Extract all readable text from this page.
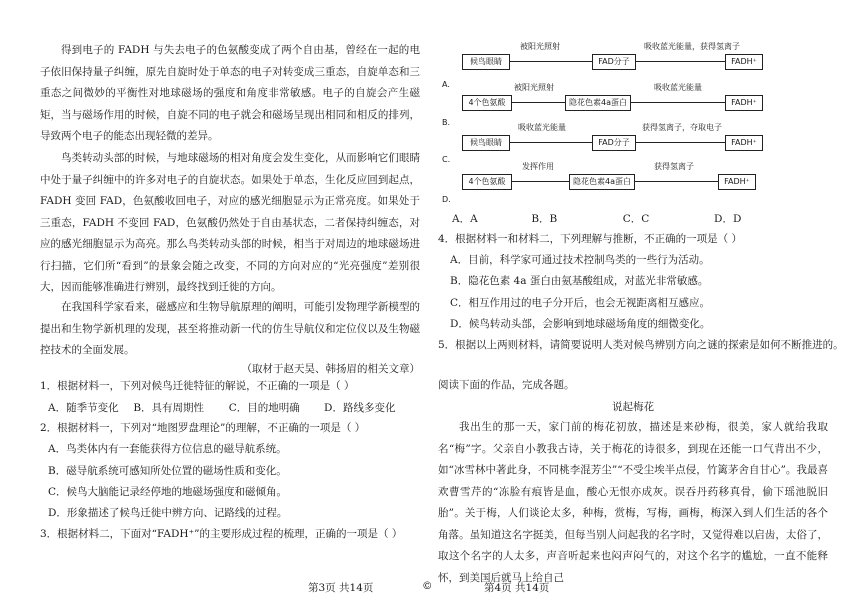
得到电子的 FADH 与失去电子的色氨酸变成了两个自由基，曾经在一起的电子依旧保持量子纠缠，原先自旋时处于单态的电子对转变成三重态，自旋单态和三重态之间微妙的平衡性对地球磁场的强度和角度非常敏感。电子的自旋会产生磁矩，当与磁场作用的时候，自旋不同的电子就会和磁场呈现出相同和相反的排列，导致两个电子的能态出现轻微的差异。

鸟类转动头部的时候，与地球磁场的相对角度会发生变化，从而影响它们眼睛中处于量子纠缠中的许多对电子的自旋状态。如果处于单态，生化反应回到起点，FADH 变回 FAD，色氨酸收回电子，对应的感光细胞显示为正常亮度。如果处于三重态，FADH 不变回 FAD，色氨酸仍然处于自由基状态，二者保持纠缠态，对应的感光细胞显示为高亮。那么鸟类转动头部的时候，相当于对周边的地球磁场进行扫描，它们所“看到”的景象会随之改变，不同的方向对应的“光亮强度”差别很大，因而能够准确进行辨别，最终找到迁徙的方向。

在我国科学家看来，磁感应和生物导航原理的阐明，可能引发物理学新模型的提出和生物学新机理的发现，甚至将推动新一代的仿生导航仪和定位仪以及生物磁控技术的全面发展。

（取材于赵天昊、韩扬眉的相关文章）
1．根据材料一，下列对候鸟迁徙特征的解说，不正确的一项是（ ）
A．随季节变化 B．具有周期性 C．目的地明确 D．路线多变化
2．根据材料一，下列对“地图罗盘理论”的理解，不正确的一项是（ ）
A．鸟类体内有一套能获得方位信息的磁导航系统。
B．磁导航系统可感知所处位置的磁场性质和变化。
C．候鸟大脑能记录经停地的地磁场强度和磁倾角。
D．形象描述了候鸟迁徙中辨方向、记路线的过程。
3．根据材料二，下面对“FADH⁺”的主要形成过程的梳理，正确的一项是（ ）
第3页 共14页	©	第4页 共14页
A.
候鸟眼睛
被阳光照射
FAD分子
吸收蓝光能量，获得氢离子
FADH⁺
B.
4个色氨酸
被阳光照射
隐花色素4a蛋白
吸收蓝光能量
FADH⁺
C.
候鸟眼睛
吸收蓝光能量
FAD分子
获得氢离子，夺取电子
FADH⁺
D.
4个色氨酸
发挥作用
隐花色素4a蛋白
获得氢离子
FADH⁺
A．A	B．B	C．C	D．D
4．根据材料一和材料二，下列理解与推断，不正确的一项是（ ）
A．目前，科学家可通过技术控制鸟类的一些行为活动。
B．隐花色素 4a 蛋白由氨基酸组成，对蓝光非常敏感。
C．相互作用过的电子分开后，也会无视距离相互感应。
D．候鸟转动头部，会影响到地球磁场角度的细微变化。
5．根据以上两则材料，请简要说明人类对候鸟辨别方向之谜的探索是如何不断推进的。
阅读下面的作品，完成各题。
说起梅花

我出生的那一天，家门前的梅花初放，描述是来砂梅，很美，家人就给我取名“梅”字。父亲自小教我古诗，关于梅花的诗很多，到现在还能一口气背出不少，如“冰雪林中著此身，不同桃李混芳尘”“不受尘埃半点侵，竹篱茅舍自甘心”。我最喜欢曹雪芹的“冻脸有痕皆是血，酸心无恨亦成灰。误吞丹药移真骨，偷下瑶池脱旧胎”。关于梅，人们谈论太多，种梅，赏梅，写梅，画梅，梅深入到人们生活的各个角落。虽知道这名字挺美，但每当别人问起我的名字时，又觉得难以启齿，太俗了，取这个名字的人太多，声音听起来也闷声闷气的，对这个名字的尴尬，一直不能释怀，到美国后就马上给自己
